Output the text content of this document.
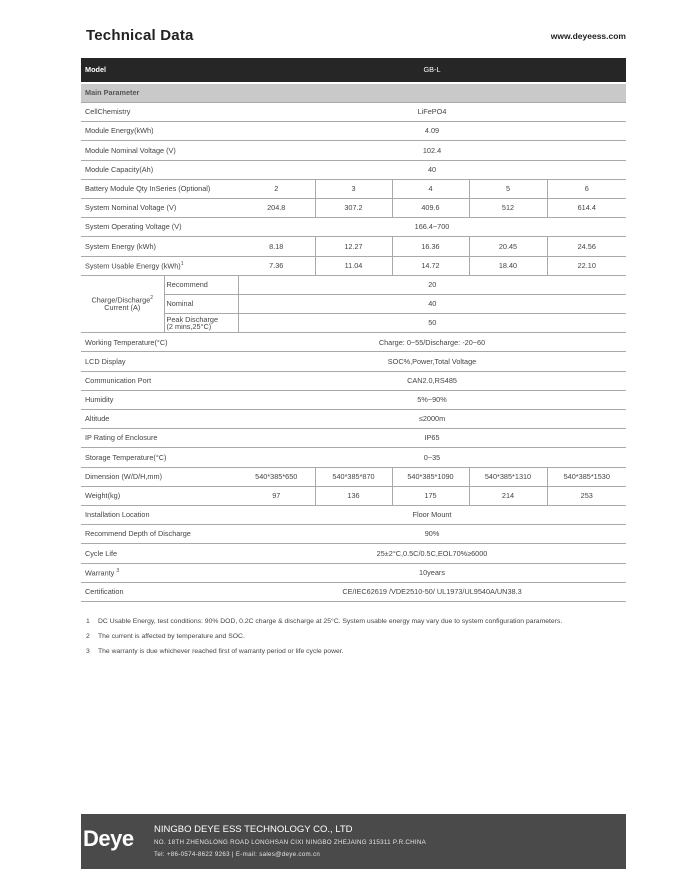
Technical Data	www.deyeess.com
Model		GB-L				

Main Parameter						
CellChemistry		LiFePO4				
Module Energy(kWh)		4.09				
Module Nominal Voltage (V)		102.4				
Module Capacity(Ah)		40				
Battery Module Qty InSeries (Optional)		2	3	4	5	6
System Nominal Voltage (V)		204.8	307.2	409.6	512	614.4
System Operating Voltage (V)		166.4~700				
System Energy (kWh)		8.18	12.27	16.36	20.45	24.56
System Usable Energy (kWh)$^1$		7.36	11.04	14.72	18.40	22.10
Charge/Discharge$^2$
Current (A)	Recommend	20				
	Nominal	40				
	Peak Discharge
(2 mins,25°C)	50				
Working Temperature(°C)		Charge: 0~55/Discharge: -20~60				
LCD Display		SOC%,Power,Total Voltage				
Communication Port		CAN2.0,RS485				
Humidity		5%~90%				
Altitude		≤2000m				
IP Rating of Enclosure		IP65				
Storage Temperature(°C)		0~35				
Dimension (W/D/H,mm)		540*385*650	540*385*870	540*385*1090	540*385*1310	540*385*1530
Weight(kg)		97	136	175	214	253
Installation Location		Floor Mount				
Recommend Depth of Discharge		90%				
Cycle Life		25±2°C,0.5C/0.5C,EOL70%≥6000				
Warranty $^3$		10years				
Certification		CE/IEC62619 /VDE2510-50/ UL1973/UL9540A/UN38.3				
1 DC Usable Energy, test conditions: 90% DOD, 0.2C charge & discharge at 25°C. System usable energy may vary due to system configuration parameters.
2 The current is affected by temperature and SOC.
3 The warranty is due whichever reached first of warranty period or life cycle power.
Deye NINGBO DEYE ESS TECHNOLOGY CO., LTD
NO. 18TH ZHENGLONG ROAD LONGHSAN CIXI NINGBO ZHEJAING 315311 P.R.CHINA
Tel: +86-0574-8622 9263 | E-mail: sales@deye.com.cn
